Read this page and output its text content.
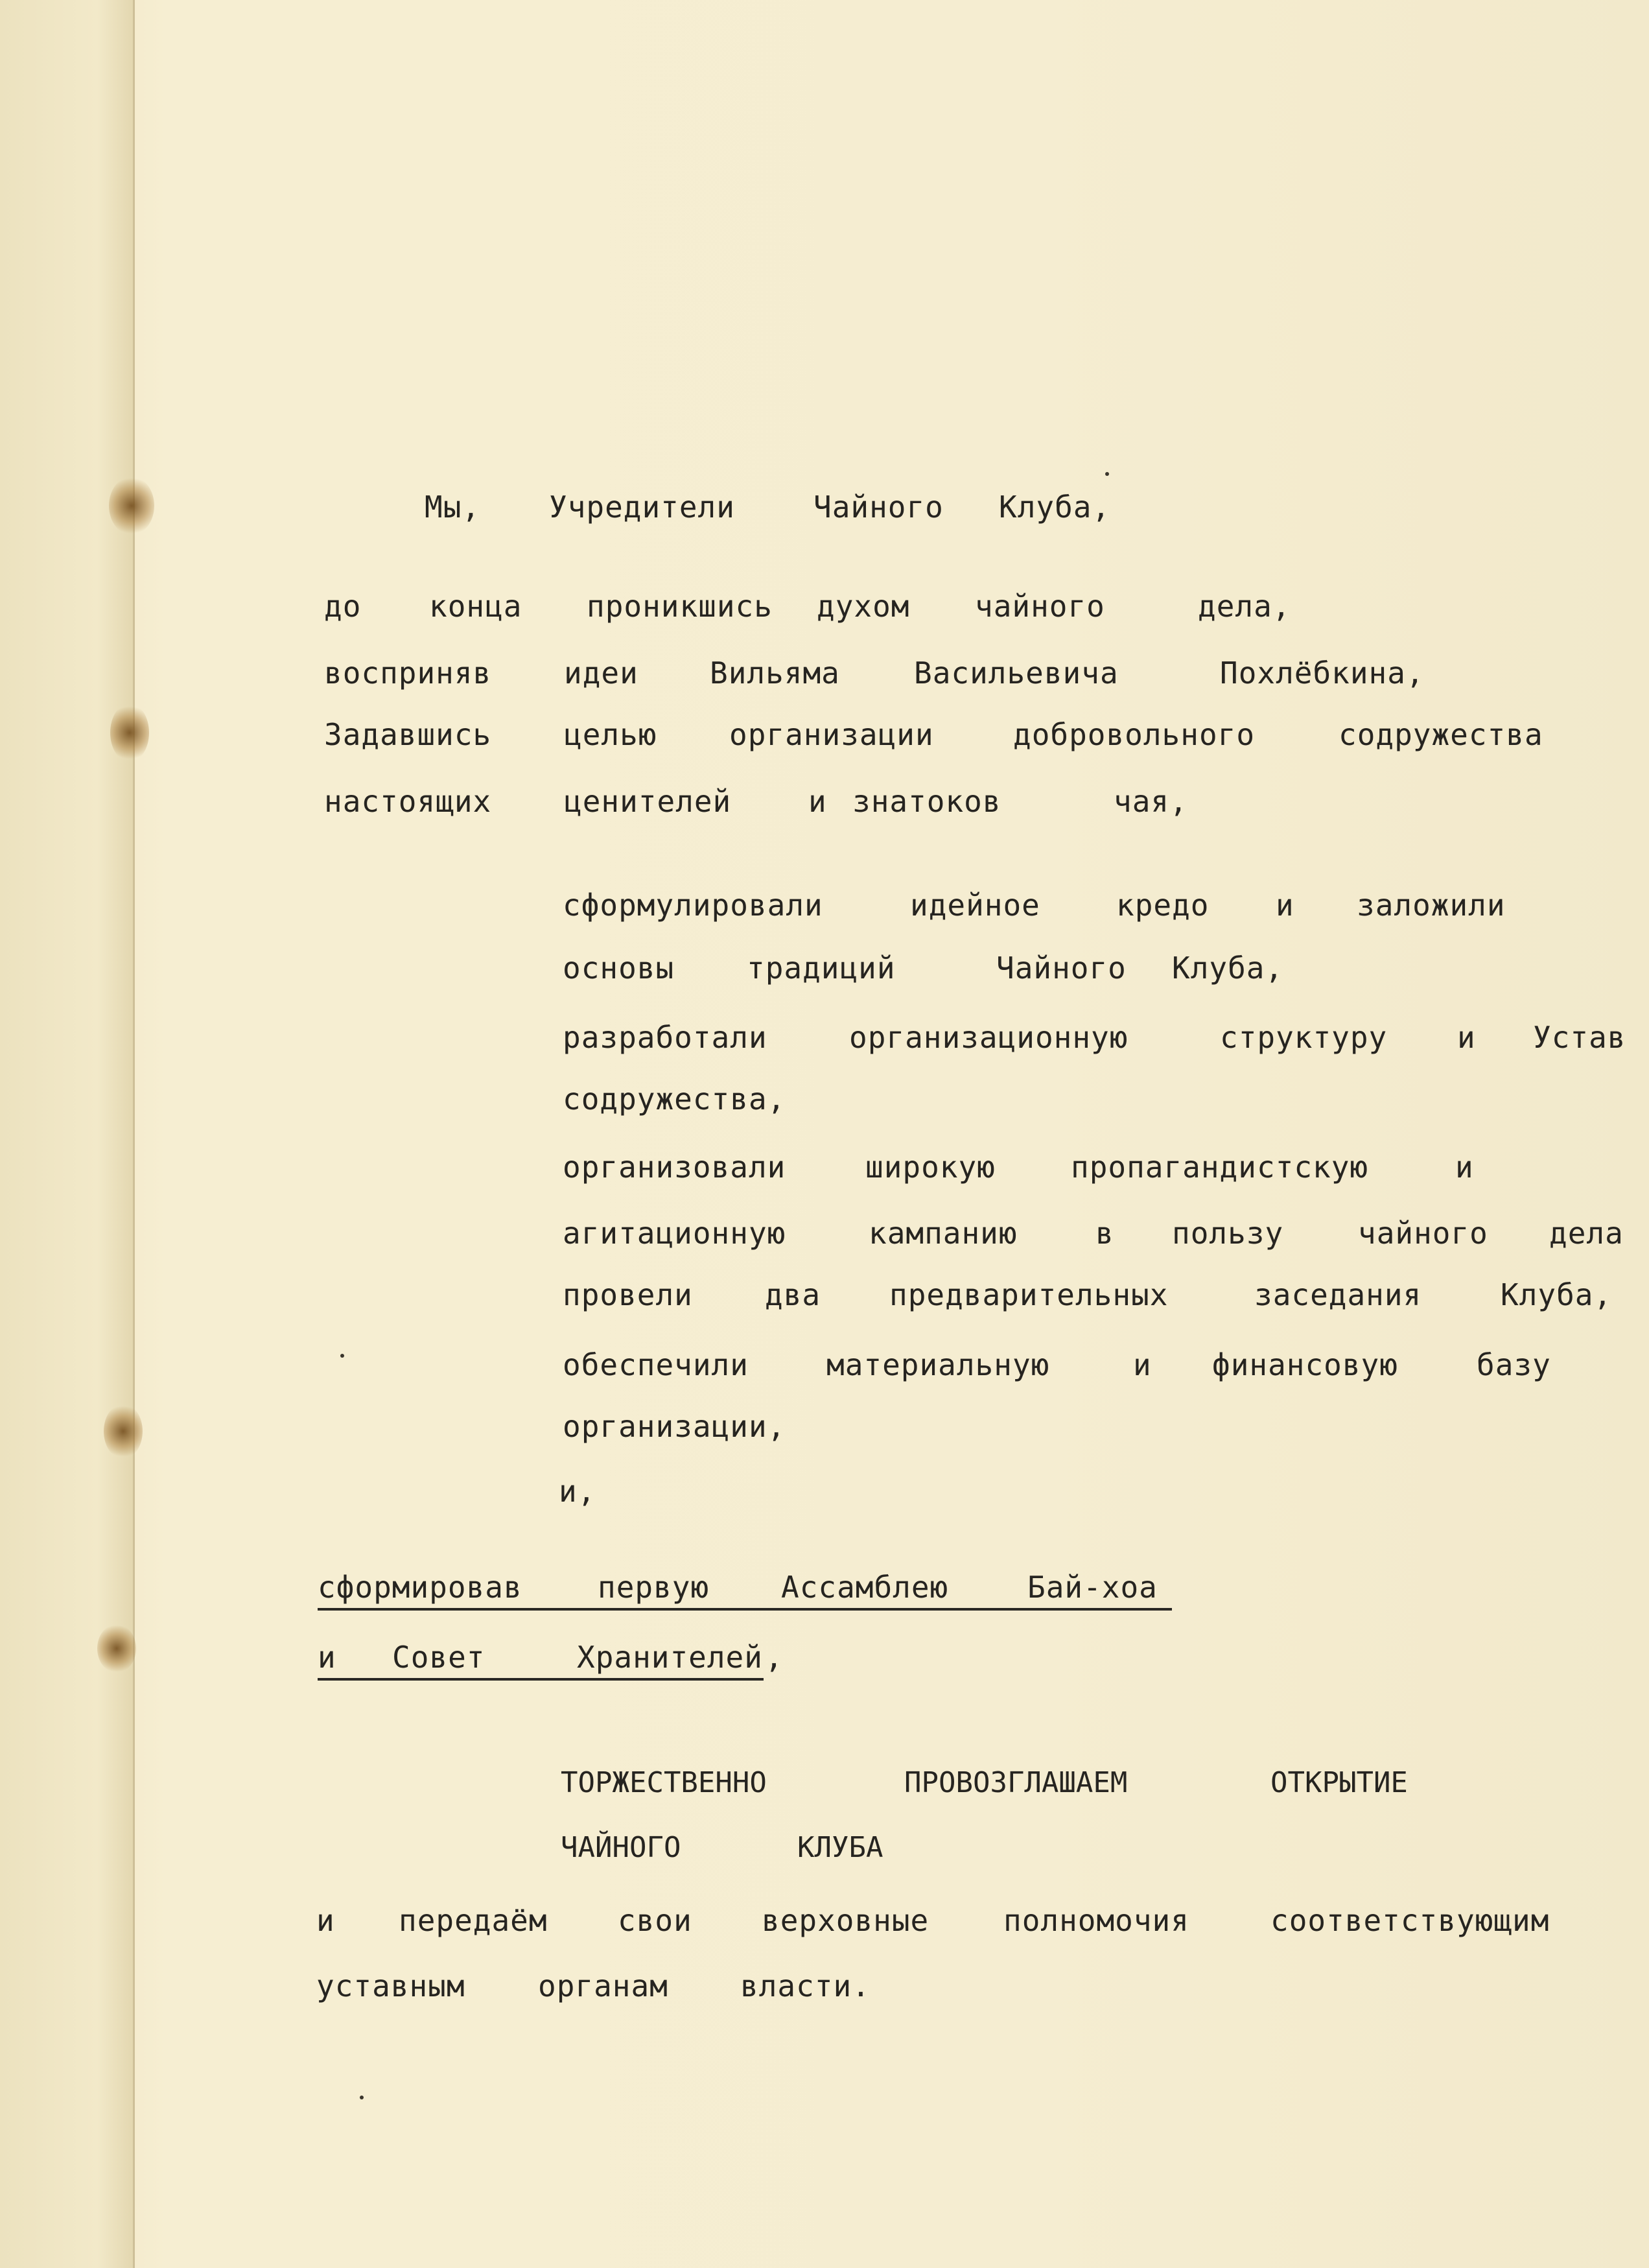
Мы, Учредители	Чайного Клуба,

до конца проникшись духом чайного	дела,

восприняв идеи Вильяма Васильевича	Похлёбкина,

Задавшись целью организации	добровольного	содружества

настоящих ценителей	и знатоков	чая,

сформулировали	идейное	кредо и заложили

основы традиций	Чайного Клуба,

разработали	организационную	структуру и Устав

содружества,

организовали	широкую	пропагандистскую	и

агитационную	кампанию	в пользу чайного дела

провели два предварительных	заседания	Клуба,

обеспечили	материальную	и финансовую	базу

организации,

и,

сформировав	первую Ассамблею	Бай-хоа

и Совет	Хранителей
,

ТОРЖЕСТВЕННО	ПРОВОЗГЛАШАЕМ	ОТКРЫТИЕ

ЧАЙНОГО	КЛУБА

и передаём свои верховные полномочия	соответствующим

уставным органам власти.
